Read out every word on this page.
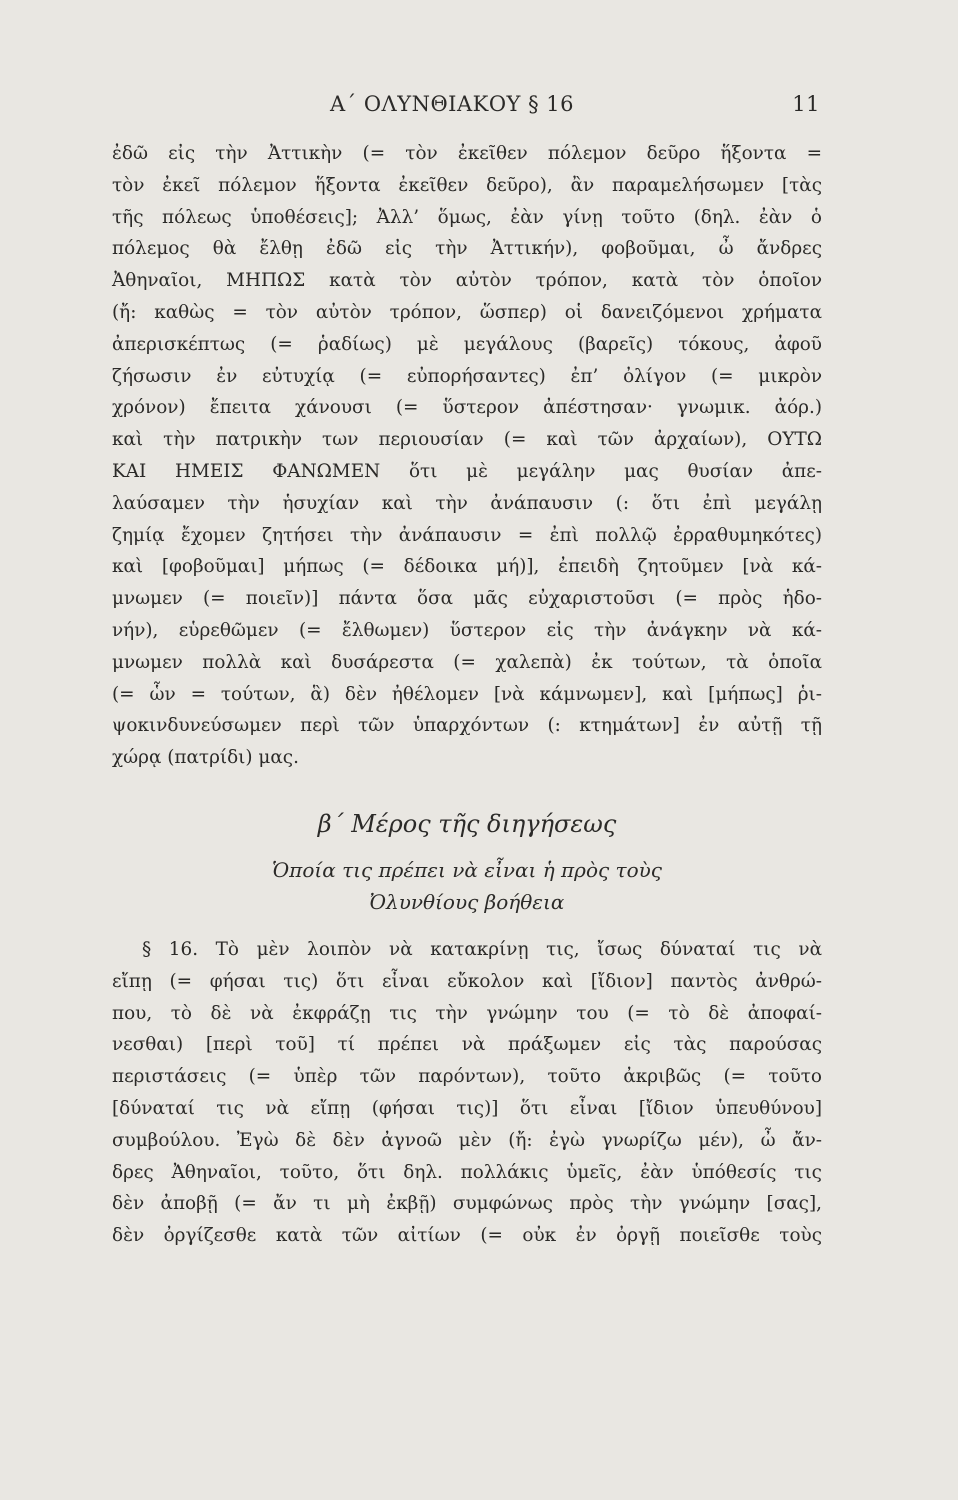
Α΄ ΟΛΥΝΘΙΑΚΟΥ § 16	11
ἐδῶ εἰς τὴν Ἀττικὴν (= τὸν ἐκεῖθεν πόλεμον δεῦρο ἥξοντα =
τὸν ἐκεῖ πόλεμον ἥξοντα ἐκεῖθεν δεῦρο), ἂν παραμελήσωμεν [τὰς
τῆς πόλεως ὑποθέσεις]; Ἀλλ’ ὅμως, ἐὰν γίνῃ τοῦτο (δηλ. ἐὰν ὁ
πόλεμος θὰ ἔλθῃ ἐδῶ εἰς τὴν Ἀττικήν), φοβοῦμαι, ὦ ἄνδρες
Ἀθηναῖοι, ΜΗΠΩΣ κατὰ τὸν αὐτὸν τρόπον, κατὰ τὸν ὁποῖον
(ἤ: καθὼς = τὸν αὐτὸν τρόπον, ὥσπερ) οἱ δανειζόμενοι χρήματα
ἀπερισκέπτως (= ῥαδίως) μὲ μεγάλους (βαρεῖς) τόκους, ἀφοῦ
ζήσωσιν ἐν εὐτυχίᾳ (= εὐπορήσαντες) ἐπ’ ὀλίγον (= μικρὸν
χρόνον) ἔπειτα χάνουσι (= ὕστερον ἀπέστησαν· γνωμικ. ἀόρ.)
καὶ τὴν πατρικὴν των περιουσίαν (= καὶ τῶν ἀρχαίων), ΟΥΤΩ
ΚΑΙ ΗΜΕΙΣ ΦΑΝΩΜΕΝ ὅτι μὲ μεγάλην μας θυσίαν ἀπε-
λαύσαμεν τὴν ἡσυχίαν καὶ τὴν ἀνάπαυσιν (: ὅτι ἐπὶ μεγάλῃ
ζημίᾳ ἔχομεν ζητήσει τὴν ἀνάπαυσιν = ἐπὶ πολλῷ ἐρραθυμηκότες)
καὶ [φοβοῦμαι] μήπως (= δέδοικα μή)], ἐπειδὴ ζητοῦμεν [νὰ κά-
μνωμεν (= ποιεῖν)] πάντα ὅσα μᾶς εὐχαριστοῦσι (= πρὸς ἡδο-
νήν), εὑρεθῶμεν (= ἔλθωμεν) ὕστερον εἰς τὴν ἀνάγκην νὰ κά-
μνωμεν πολλὰ καὶ δυσάρεστα (= χαλεπὰ) ἐκ τούτων, τὰ ὁποῖα
(= ὧν = τούτων, ἃ) δὲν ἠθέλομεν [νὰ κάμνωμεν], καὶ [μήπως] ῥι-
ψοκινδυνεύσωμεν περὶ τῶν ὑπαρχόντων (: κτημάτων] ἐν αὐτῇ τῇ
χώρᾳ (πατρίδι) μας.
β΄ Μέρος τῆς διηγήσεως
Ὁποία τις πρέπει νὰ εἶναι ἡ πρὸς τοὺς
Ὀλυνθίους βοήθεια
§ 16. Τὸ μὲν λοιπὸν νὰ κατακρίνῃ τις, ἴσως δύναταί τις νὰ
εἴπῃ (= φήσαι τις) ὅτι εἶναι εὔκολον καὶ [ἴδιον] παντὸς ἀνθρώ-
που, τὸ δὲ νὰ ἐκφράζῃ τις τὴν γνώμην του (= τὸ δὲ ἀποφαί-
νεσθαι) [περὶ τοῦ] τί πρέπει νὰ πράξωμεν εἰς τὰς παρούσας
περιστάσεις (= ὑπὲρ τῶν παρόντων), τοῦτο ἀκριβῶς (= τοῦτο
[δύναταί τις νὰ εἴπῃ (φήσαι τις)] ὅτι εἶναι [ἴδιον ὑπευθύνου]
συμβούλου. Ἐγὼ δὲ δὲν ἀγνοῶ μὲν (ἤ: ἐγὼ γνωρίζω μέν), ὦ ἄν-
δρες Ἀθηναῖοι, τοῦτο, ὅτι δηλ. πολλάκις ὑμεῖς, ἐὰν ὑπόθεσίς τις
δὲν ἀποβῇ (= ἄν τι μὴ ἐκβῇ) συμφώνως πρὸς τὴν γνώμην [σας],
δὲν ὀργίζεσθε κατὰ τῶν αἰτίων (= οὐκ ἐν ὀργῇ ποιεῖσθε τοὺς
